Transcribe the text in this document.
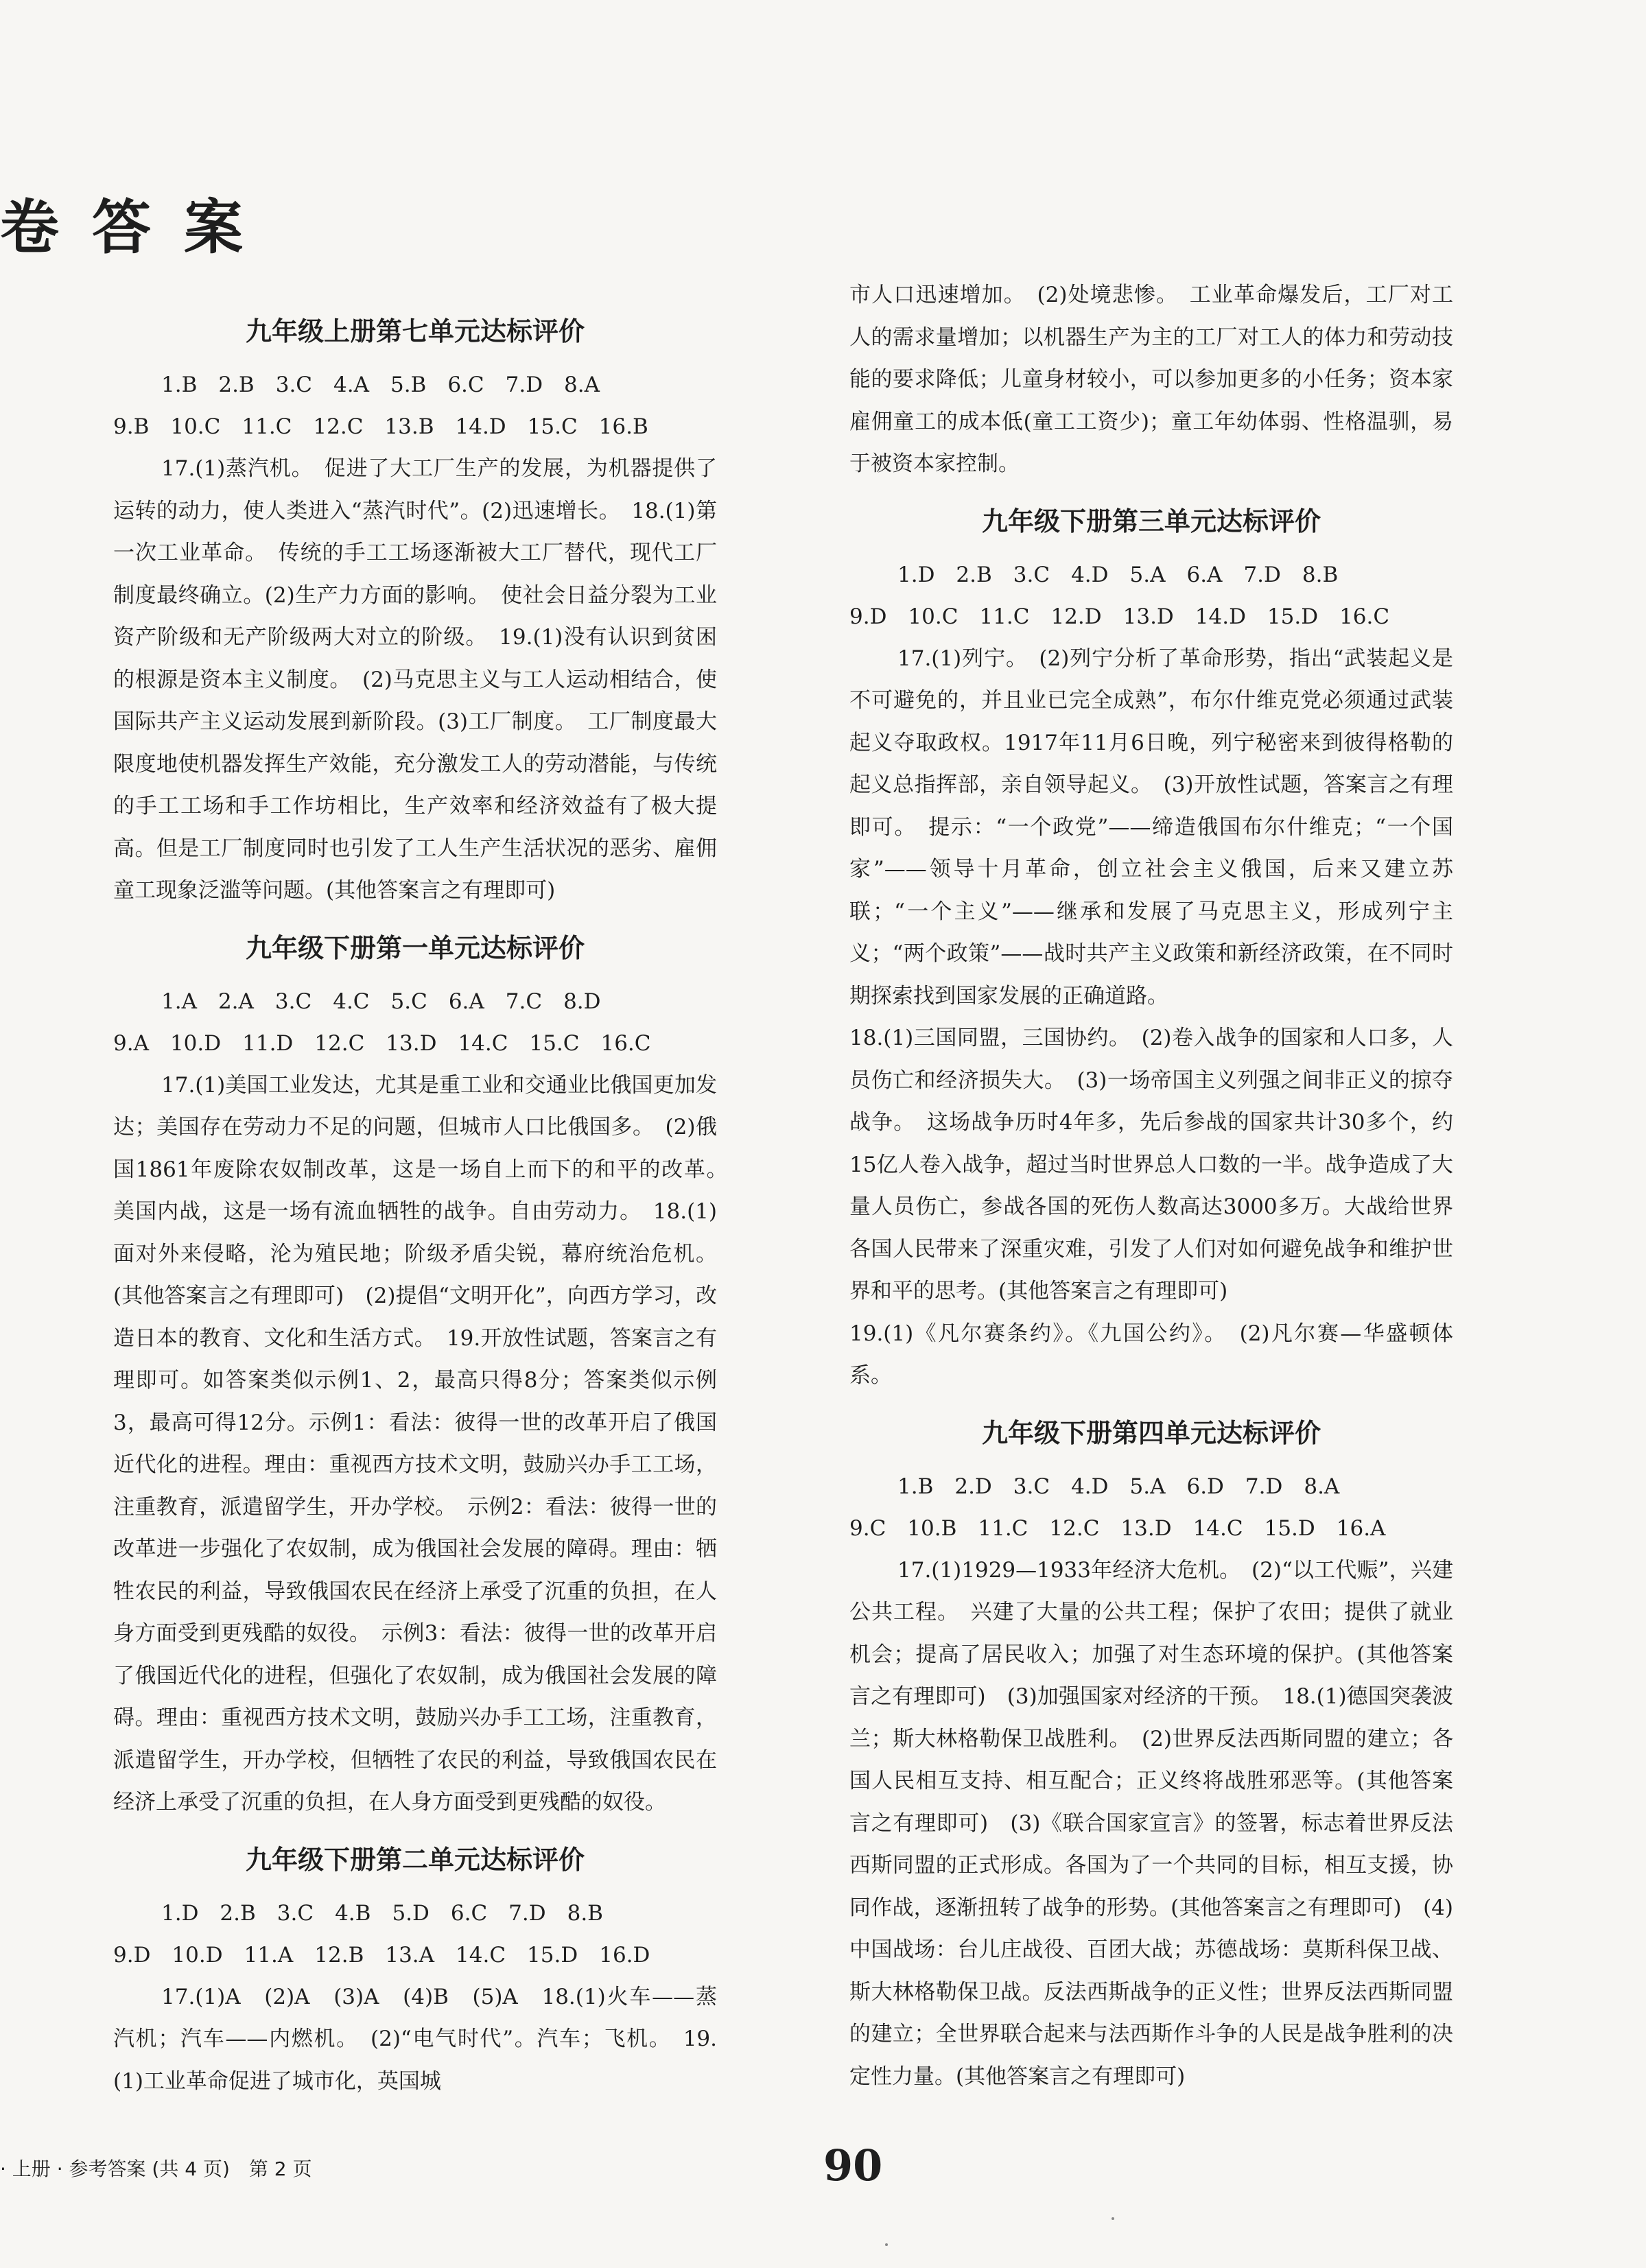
卷答案
九年级上册第七单元达标评价
1.B　2.B　3.C　4.A　5.B　6.C　7.D　8.A
9.B　10.C　11.C　12.C　13.B　14.D　15.C　16.B

17.(1)蒸汽机。　促进了大工厂生产的发展，为机器提供了运转的动力，使人类进入“蒸汽时代”。(2)迅速增长。　18.(1)第一次工业革命。　传统的手工工场逐渐被大工厂替代，现代工厂制度最终确立。(2)生产力方面的影响。　使社会日益分裂为工业资产阶级和无产阶级两大对立的阶级。　19.(1)没有认识到贫困的根源是资本主义制度。　(2)马克思主义与工人运动相结合，使国际共产主义运动发展到新阶段。(3)工厂制度。　工厂制度最大限度地使机器发挥生产效能，充分激发工人的劳动潜能，与传统的手工工场和手工作坊相比，生产效率和经济效益有了极大提高。但是工厂制度同时也引发了工人生产生活状况的恶劣、雇佣童工现象泛滥等问题。(其他答案言之有理即可)

九年级下册第一单元达标评价
1.A　2.A　3.C　4.C　5.C　6.A　7.C　8.D
9.A　10.D　11.D　12.C　13.D　14.C　15.C　16.C

17.(1)美国工业发达，尤其是重工业和交通业比俄国更加发达；美国存在劳动力不足的问题，但城市人口比俄国多。　(2)俄国1861年废除农奴制改革，这是一场自上而下的和平的改革。　美国内战，这是一场有流血牺牲的战争。自由劳动力。　18.(1)面对外来侵略，沦为殖民地；阶级矛盾尖锐，幕府统治危机。(其他答案言之有理即可)　(2)提倡“文明开化”，向西方学习，改造日本的教育、文化和生活方式。　19.开放性试题，答案言之有理即可。如答案类似示例1、2，最高只得8分；答案类似示例3，最高可得12分。示例1：看法：彼得一世的改革开启了俄国近代化的进程。理由：重视西方技术文明，鼓励兴办手工工场，注重教育，派遣留学生，开办学校。　示例2：看法：彼得一世的改革进一步强化了农奴制，成为俄国社会发展的障碍。理由：牺牲农民的利益，导致俄国农民在经济上承受了沉重的负担，在人身方面受到更残酷的奴役。　示例3：看法：彼得一世的改革开启了俄国近代化的进程，但强化了农奴制，成为俄国社会发展的障碍。理由：重视西方技术文明，鼓励兴办手工工场，注重教育，派遣留学生，开办学校，但牺牲了农民的利益，导致俄国农民在经济上承受了沉重的负担，在人身方面受到更残酷的奴役。

九年级下册第二单元达标评价
1.D　2.B　3.C　4.B　5.D　6.C　7.D　8.B
9.D　10.D　11.A　12.B　13.A　14.C　15.D　16.D

17.(1)A　(2)A　(3)A　(4)B　(5)A　18.(1)火车——蒸汽机；汽车——内燃机。　(2)“电气时代”。汽车；飞机。　19.(1)工业革命促进了城市化，英国城

市人口迅速增加。　(2)处境悲惨。　工业革命爆发后，工厂对工人的需求量增加；以机器生产为主的工厂对工人的体力和劳动技能的要求降低；儿童身材较小，可以参加更多的小任务；资本家雇佣童工的成本低(童工工资少)；童工年幼体弱、性格温驯，易于被资本家控制。

九年级下册第三单元达标评价
1.D　2.B　3.C　4.D　5.A　6.A　7.D　8.B
9.D　10.C　11.C　12.D　13.D　14.D　15.D　16.C

17.(1)列宁。　(2)列宁分析了革命形势，指出“武装起义是不可避免的，并且业已完全成熟”，布尔什维克党必须通过武装起义夺取政权。1917年11月6日晚，列宁秘密来到彼得格勒的起义总指挥部，亲自领导起义。　(3)开放性试题，答案言之有理即可。　提示：“一个政党”——缔造俄国布尔什维克；“一个国家”——领导十月革命，创立社会主义俄国，后来又建立苏联；“一个主义”——继承和发展了马克思主义，形成列宁主义；“两个政策”——战时共产主义政策和新经济政策，在不同时期探索找到国家发展的正确道路。

18.(1)三国同盟，三国协约。　(2)卷入战争的国家和人口多，人员伤亡和经济损失大。　(3)一场帝国主义列强之间非正义的掠夺战争。　这场战争历时4年多，先后参战的国家共计30多个，约15亿人卷入战争，超过当时世界总人口数的一半。战争造成了大量人员伤亡，参战各国的死伤人数高达3000多万。大战给世界各国人民带来了深重灾难，引发了人们对如何避免战争和维护世界和平的思考。(其他答案言之有理即可)

19.(1)《凡尔赛条约》。《九国公约》。　(2)凡尔赛—华盛顿体系。

九年级下册第四单元达标评价
1.B　2.D　3.C　4.D　5.A　6.D　7.D　8.A
9.C　10.B　11.C　12.C　13.D　14.C　15.D　16.A

17.(1)1929—1933年经济大危机。　(2)“以工代赈”，兴建公共工程。　兴建了大量的公共工程；保护了农田；提供了就业机会；提高了居民收入；加强了对生态环境的保护。(其他答案言之有理即可)　(3)加强国家对经济的干预。　18.(1)德国突袭波兰；斯大林格勒保卫战胜利。　(2)世界反法西斯同盟的建立；各国人民相互支持、相互配合；正义终将战胜邪恶等。(其他答案言之有理即可)　(3)《联合国家宣言》的签署，标志着世界反法西斯同盟的正式形成。各国为了一个共同的目标，相互支援，协同作战，逐渐扭转了战争的形势。(其他答案言之有理即可)　(4)中国战场：台儿庄战役、百团大战；苏德战场：莫斯科保卫战、斯大林格勒保卫战。反法西斯战争的正义性；世界反法西斯同盟的建立；全世界联合起来与法西斯作斗争的人民是战争胜利的决定性力量。(其他答案言之有理即可)

· 上册 · 参考答案 (共 4 页)　第 2 页	90
